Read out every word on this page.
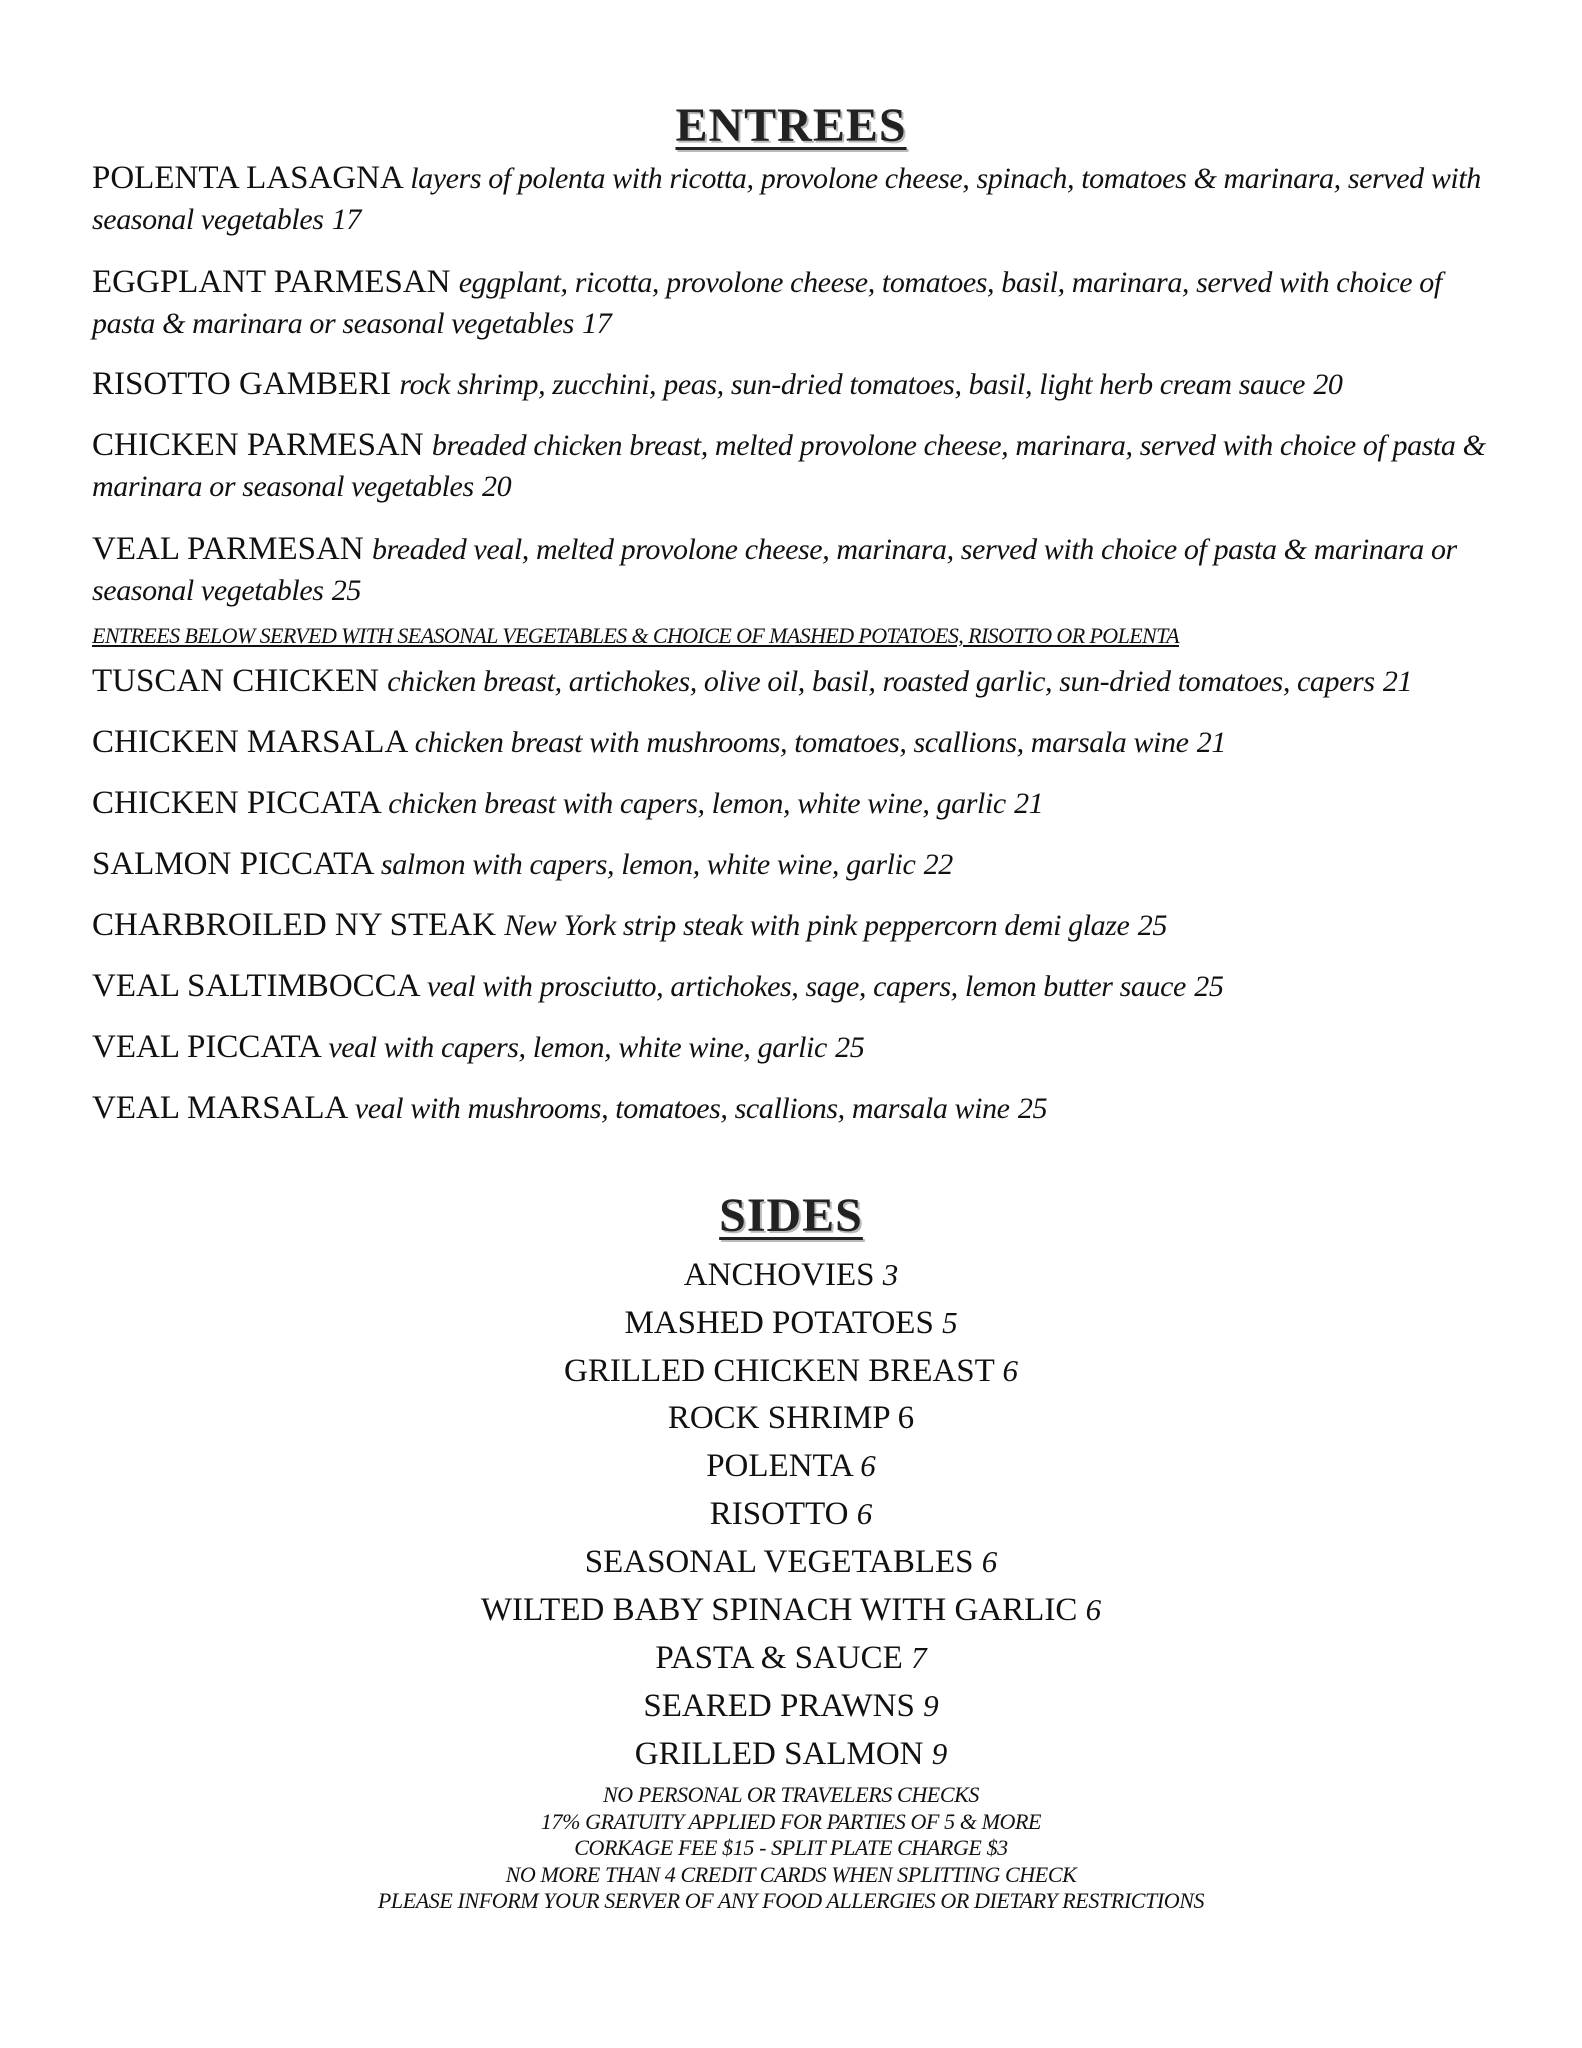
ENTREES

POLENTA LASAGNA layers of polenta with ricotta, provolone cheese, spinach, tomatoes & marinara, served with seasonal vegetables 17

EGGPLANT PARMESAN eggplant, ricotta, provolone cheese, tomatoes, basil, marinara, served with choice of pasta & marinara or seasonal vegetables 17

RISOTTO GAMBERI rock shrimp, zucchini, peas, sun-dried tomatoes, basil, light herb cream sauce 20

CHICKEN PARMESAN breaded chicken breast, melted provolone cheese, marinara, served with choice of pasta & marinara or seasonal vegetables 20

VEAL PARMESAN breaded veal, melted provolone cheese, marinara, served with choice of pasta & marinara or seasonal vegetables 25

ENTREES BELOW SERVED WITH SEASONAL VEGETABLES & CHOICE OF MASHED POTATOES, RISOTTO OR POLENTA

TUSCAN CHICKEN chicken breast, artichokes, olive oil, basil, roasted garlic, sun-dried tomatoes, capers 21

CHICKEN MARSALA chicken breast with mushrooms, tomatoes, scallions, marsala wine 21

CHICKEN PICCATA chicken breast with capers, lemon, white wine, garlic 21

SALMON PICCATA salmon with capers, lemon, white wine, garlic 22

CHARBROILED NY STEAK New York strip steak with pink peppercorn demi glaze 25

VEAL SALTIMBOCCA veal with prosciutto, artichokes, sage, capers, lemon butter sauce 25

VEAL PICCATA veal with capers, lemon, white wine, garlic 25

VEAL MARSALA veal with mushrooms, tomatoes, scallions, marsala wine 25

SIDES

ANCHOVIES 3

MASHED POTATOES 5

GRILLED CHICKEN BREAST 6

ROCK SHRIMP 6

POLENTA 6

RISOTTO 6

SEASONAL VEGETABLES 6

WILTED BABY SPINACH WITH GARLIC 6

PASTA & SAUCE 7

SEARED PRAWNS 9

GRILLED SALMON 9

NO PERSONAL OR TRAVELERS CHECKS

17% GRATUITY APPLIED FOR PARTIES OF 5 & MORE

CORKAGE FEE $15 - SPLIT PLATE CHARGE $3

NO MORE THAN 4 CREDIT CARDS WHEN SPLITTING CHECK

PLEASE INFORM YOUR SERVER OF ANY FOOD ALLERGIES OR DIETARY RESTRICTIONS
